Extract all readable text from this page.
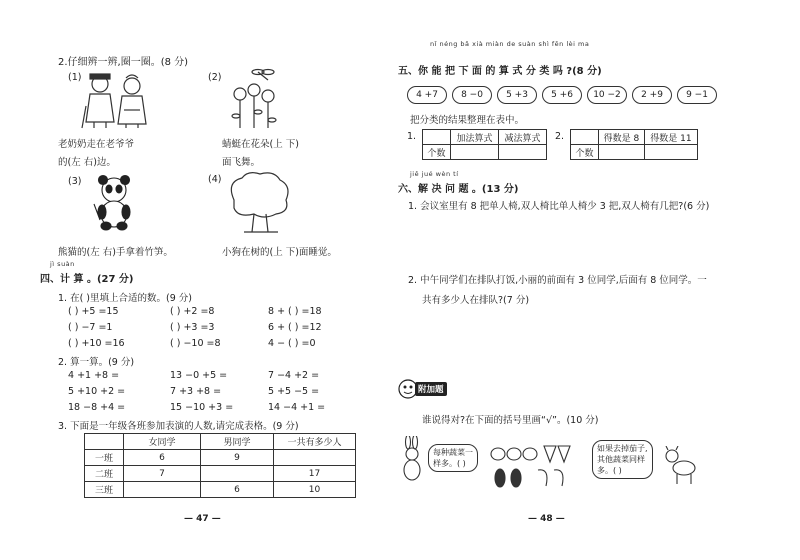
2.仔细辨一辨,圈一圈。(8 分)
(1)
老奶奶走在老爷爷
的(左 右)边。
(2)
蜻蜓在花朵(上 下)
面飞舞。
(3)
熊猫的(左 右)手拿着竹笋。
(4)
小狗在树的(上 下)面睡觉。
jì suàn
四、计 算 。(27 分)
1. 在( )里填上合适的数。(9 分)
( ) +5 =15	( ) +2 =8	8 + ( ) =18
( ) −7 =1	( ) +3 =3	6 + ( ) =12
( ) +10 =16	( ) −10 =8	4 − ( ) =0
2. 算一算。(9 分)
4 +1 +8 =	13 −0 +5 =	7 −4 +2 =
5 +10 +2 =	7 +3 +8 =	5 +5 −5 =
18 −8 +4 =	15 −10 +3 =	14 −4 +1 =
3. 下面是一年级各班参加表演的人数,请完成表格。(9 分)
	女同学	男同学	一共有多少人
一班	6	9	
二班	7		17
三班		6	10
— 47 —
nǐ néng bǎ xià miàn de suàn shì fēn lèi ma
五、你 能 把 下 面 的 算 式 分 类 吗 ?(8 分)
4 +7	8 −0	5 +3	5 +6	10 −2	2 +9	9 −1
把分类的结果整理在表中。
1.
		加法算式	减法算式
个数		
2.
		得数是 8	得数是 11
个数		
jiě jué wèn tí
六、解 决 问 题 。(13 分)
1. 会议室里有 8 把单人椅,双人椅比单人椅少 3 把,双人椅有几把?(6 分)
2. 中午同学们在排队打饭,小丽的前面有 3 位同学,后面有 8 位同学。一
共有多少人在排队?(7 分)
附加题
谁说得对?在下面的括号里画“√”。(10 分)
每种蔬菜一
样多。( )
如果去掉茄子,
其他蔬菜同样
多。( )
— 48 —
